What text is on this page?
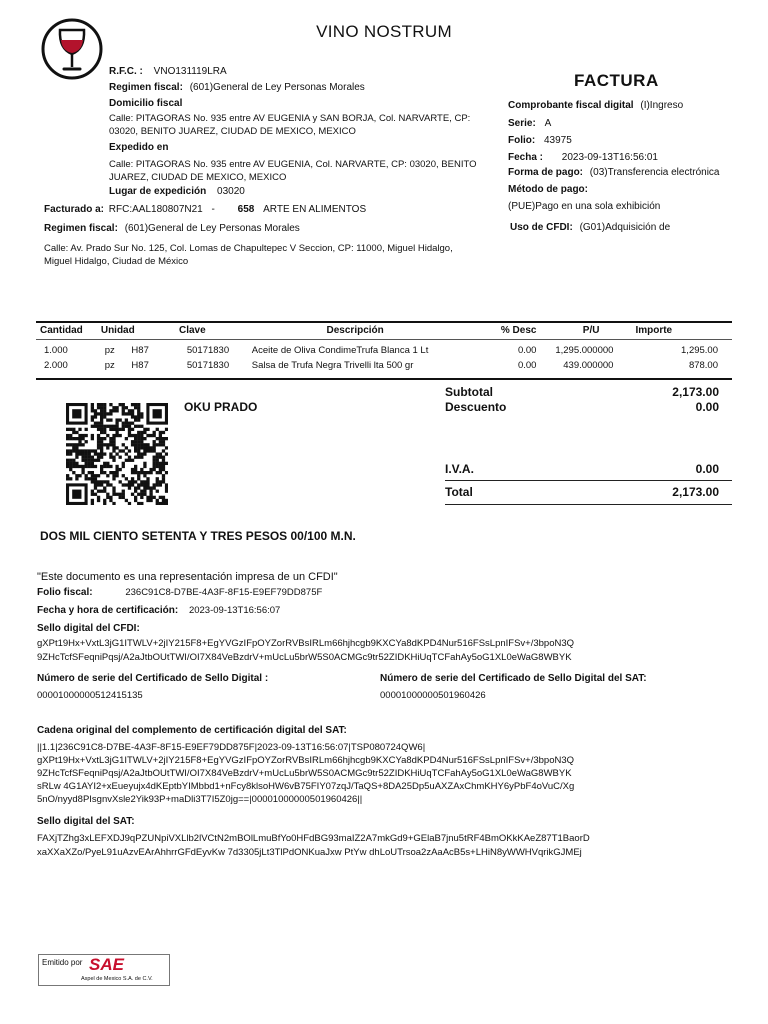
VINO NOSTRUM
FACTURA
R.F.C. : VNO131119LRA
Regimen fiscal: (601)General de Ley Personas Morales
Domicilio fiscal
Calle: PITAGORAS No. 935 entre AV EUGENIA y SAN BORJA, Col. NARVARTE, CP: 03020, BENITO JUAREZ, CIUDAD DE MEXICO, MEXICO
Expedido en
Calle: PITAGORAS No. 935 entre AV EUGENIA, Col. NARVARTE, CP: 03020, BENITO JUAREZ, CIUDAD DE MEXICO, MEXICO
Lugar de expedición 03020
Comprobante fiscal digital (I)Ingreso
Serie: A
Folio: 43975
Fecha : 2023-09-13T16:56:01
Forma de pago: (03)Transferencia electrónica
Método de pago:
(PUE)Pago en una sola exhibición
Uso de CFDI: (G01)Adquisición de
Facturado a: RFC:AAL180807N21 - 658 ARTE EN ALIMENTOS
Regimen fiscal: (601)General de Ley Personas Morales
Calle: Av. Prado Sur No. 125, Col. Lomas de Chapultepec V Seccion, CP: 11000, Miguel Hidalgo, Miguel Hidalgo, Ciudad de México
Cantidad	Unidad	Clave	Descripción	% Desc	P/U	Importe
1.000	pz H87	50171830	Aceite de Oliva CondimeTrufa Blanca 1 Lt	0.00	1,295.000000	1,295.00
2.000	pz H87	50171830	Salsa de Trufa Negra Trivelli lta 500 gr	0.00	439.000000	878.00
OKU PRADO
Subtotal	2,173.00
Descuento	0.00
I.V.A.	0.00
Total	2,173.00
DOS MIL CIENTO SETENTA Y TRES PESOS 00/100 M.N.
"Este documento es una representación impresa de un CFDI"
Folio fiscal:	236C91C8-D7BE-4A3F-8F15-E9EF79DD875F
Fecha y hora de certificación: 2023-09-13T16:56:07
Sello digital del CFDI:
gXPt19Hx+VxtL3jG1ITWLV+2jIY215F8+EgYVGzIFpOYZorRVBsIRLm66hjhcgb9KXCYa8dKPD4Nur516FSsLpnIFSv+/3bpoN3Q
9ZHcTcfSFeqniPqsj/A2aJtbOUtTWI/OI7X84VeBzdrV+mUcLu5brW5S0ACMGc9tr52ZIDKHiUqTCFahAy5oG1XL0eWaG8WBYK
Número de serie del Certificado de Sello Digital :
00001000000512415135
Número de serie del Certificado de Sello Digital del SAT:
00001000000501960426
Cadena original del complemento de certificación digital del SAT:
||1.1|236C91C8-D7BE-4A3F-8F15-E9EF79DD875F|2023-09-13T16:56:07|TSP080724QW6|
gXPt19Hx+VxtL3jG1ITWLV+2jIY215F8+EgYVGzIFpOYZorRVBsIRLm66hjhcgb9KXCYa8dKPD4Nur516FSsLpnIFSv+/3bpoN3Q
9ZHcTcfSFeqniPqsj/A2aJtbOUtTWI/OI7X84VeBzdrV+mUcLu5brW5S0ACMGc9tr52ZIDKHiUqTCFahAy5oG1XL0eWaG8WBYK
sRLw 4G1AYI2+xEueyujx4dKEptbYIMbbd1+nFcy8klsoHW6vB75FIY07zqJ/TaQS+8DA25Dp5uAXZAxChmKHY6yPbF4oVuC/Xg
5nO/nyyd8PIsgnvXsle2Yik93P+maDli3T7I5Z0jg==|00001000000501960426||
Sello digital del SAT:
FAXjTZhg3xLEFXDJ9qPZUNpiVXLlb2lVCtN2mBOlLmuBfYo0HFdBG93maIZ2A7mkGd9+GElaB7jnu5tRF4BmOKkKAeZ87T1BaorD
xaXXaXZo/PyeL91uAzvEArAhhrrGFdEyvKw 7d3305jLt3TlPdONKuaJxw PtYw dhLoUTrsoa2zAaAcB5s+LHiN8yWWHVqrikGJMEj
Emitido por SAE
Aspel de Mexico S.A. de C.V.
